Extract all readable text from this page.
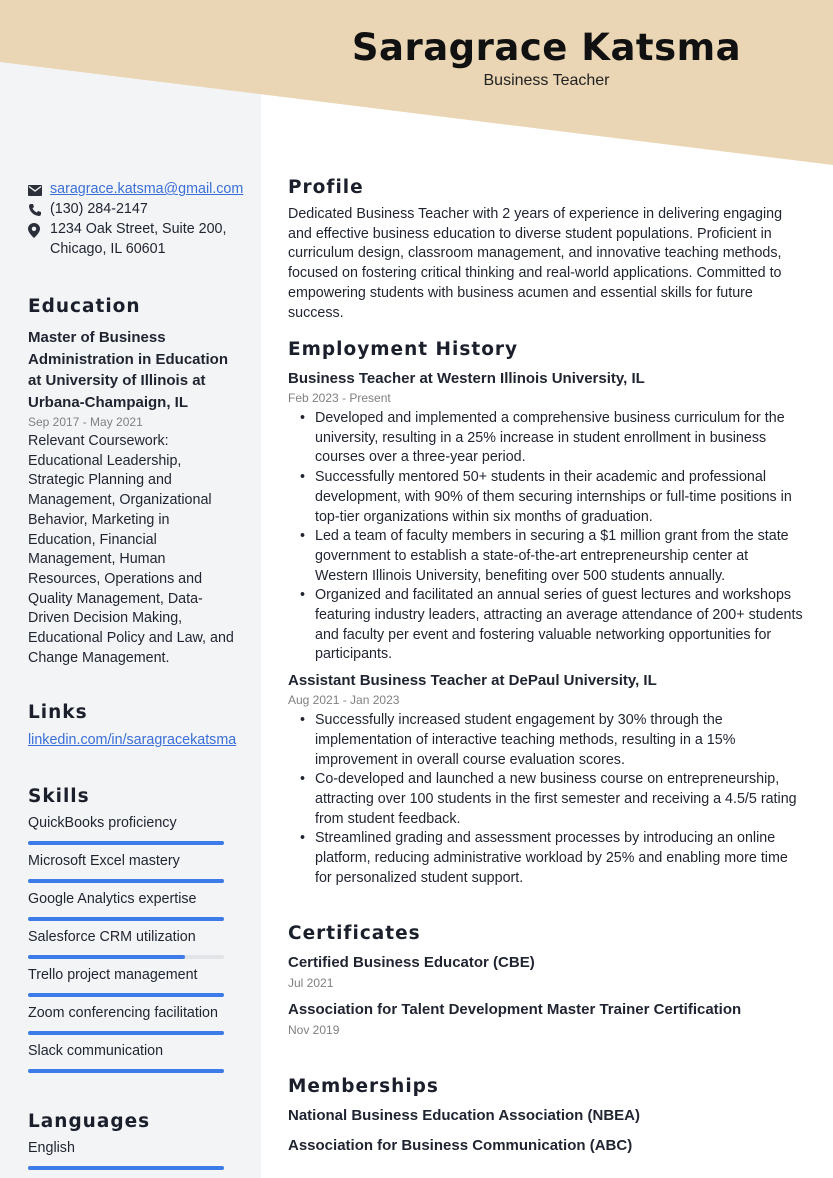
Saragrace Katsma
Business Teacher
saragrace.katsma@gmail.com
(130) 284-2147
1234 Oak Street, Suite 200,
Chicago, IL 60601
Education
Master of Business Administration in Education at University of Illinois at Urbana-Champaign, IL
Sep 2017 - May 2021
Relevant Coursework: Educational Leadership, Strategic Planning and Management, Organizational Behavior, Marketing in Education, Financial Management, Human Resources, Operations and Quality Management, Data-Driven Decision Making, Educational Policy and Law, and Change Management.
Links
linkedin.com/in/saragracekatsma
Skills
QuickBooks proficiency
Microsoft Excel mastery
Google Analytics expertise
Salesforce CRM utilization
Trello project management
Zoom conferencing facilitation
Slack communication
Languages
English
Profile
Dedicated Business Teacher with 2 years of experience in delivering engaging and effective business education to diverse student populations. Proficient in curriculum design, classroom management, and innovative teaching methods, focused on fostering critical thinking and real-world applications. Committed to empowering students with business acumen and essential skills for future success.
Employment History
Business Teacher at Western Illinois University, IL
Feb 2023 - Present
• Developed and implemented a comprehensive business curriculum for the university, resulting in a 25% increase in student enrollment in business courses over a three-year period.
• Successfully mentored 50+ students in their academic and professional development, with 90% of them securing internships or full-time positions in top-tier organizations within six months of graduation.
• Led a team of faculty members in securing a $1 million grant from the state government to establish a state-of-the-art entrepreneurship center at Western Illinois University, benefiting over 500 students annually.
• Organized and facilitated an annual series of guest lectures and workshops featuring industry leaders, attracting an average attendance of 200+ students and faculty per event and fostering valuable networking opportunities for participants.
Assistant Business Teacher at DePaul University, IL
Aug 2021 - Jan 2023
• Successfully increased student engagement by 30% through the implementation of interactive teaching methods, resulting in a 15% improvement in overall course evaluation scores.
• Co-developed and launched a new business course on entrepreneurship, attracting over 100 students in the first semester and receiving a 4.5/5 rating from student feedback.
• Streamlined grading and assessment processes by introducing an online platform, reducing administrative workload by 25% and enabling more time for personalized student support.
Certificates
Certified Business Educator (CBE)
Jul 2021
Association for Talent Development Master Trainer Certification
Nov 2019
Memberships
National Business Education Association (NBEA)
Association for Business Communication (ABC)
